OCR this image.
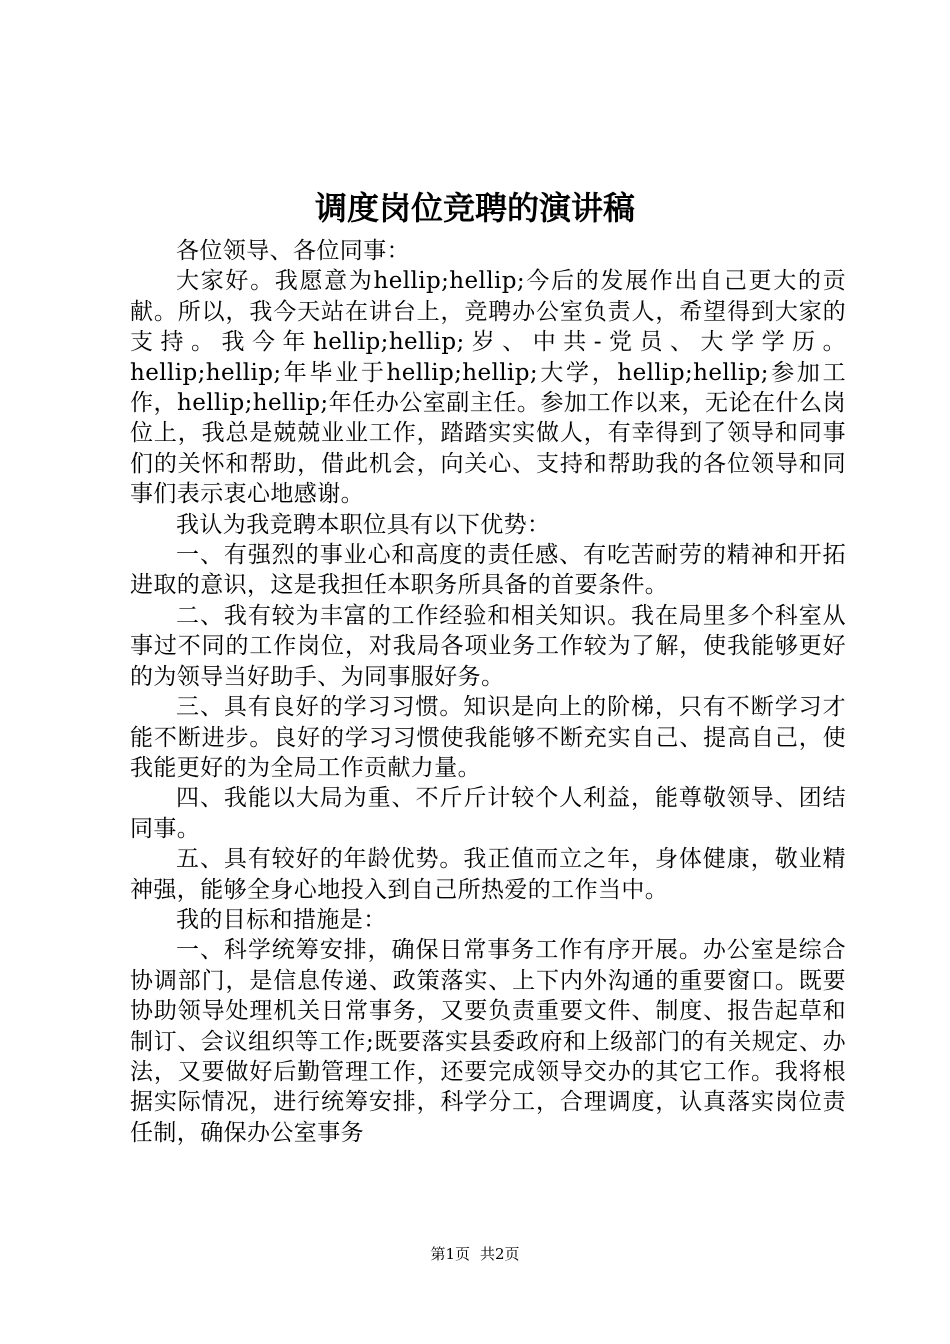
调度岗位竞聘的演讲稿

各位领导、各位同事：

大家好。我愿意为hellip;hellip;今后的发展作出自己更大的贡献。所以，我今天站在讲台上，竞聘办公室负责人，希望得到大家的支持。我今年hellip;hellip;岁、中共-党员、大学学历。hellip;hellip;年毕业于hellip;hellip;大学，hellip;hellip;参加工作，hellip;hellip;年任办公室副主任。参加工作以来，无论在什么岗位上，我总是兢兢业业工作，踏踏实实做人，有幸得到了领导和同事们的关怀和帮助，借此机会，向关心、支持和帮助我的各位领导和同事们表示衷心地感谢。

我认为我竞聘本职位具有以下优势：

一、有强烈的事业心和高度的责任感、有吃苦耐劳的精神和开拓进取的意识，这是我担任本职务所具备的首要条件。

二、我有较为丰富的工作经验和相关知识。我在局里多个科室从事过不同的工作岗位，对我局各项业务工作较为了解，使我能够更好的为领导当好助手、为同事服好务。

三、具有良好的学习习惯。知识是向上的阶梯，只有不断学习才能不断进步。良好的学习习惯使我能够不断充实自己、提高自己，使我能更好的为全局工作贡献力量。

四、我能以大局为重、不斤斤计较个人利益，能尊敬领导、团结同事。

五、具有较好的年龄优势。我正值而立之年，身体健康，敬业精神强，能够全身心地投入到自己所热爱的工作当中。

我的目标和措施是：

一、科学统筹安排，确保日常事务工作有序开展。办公室是综合协调部门，是信息传递、政策落实、上下内外沟通的重要窗口。既要协助领导处理机关日常事务，又要负责重要文件、制度、报告起草和制订、会议组织等工作;既要落实县委政府和上级部门的有关规定、办法，又要做好后勤管理工作，还要完成领导交办的其它工作。我将根据实际情况，进行统筹安排，科学分工，合理调度，认真落实岗位责任制，确保办公室事务

第1页 共2页
